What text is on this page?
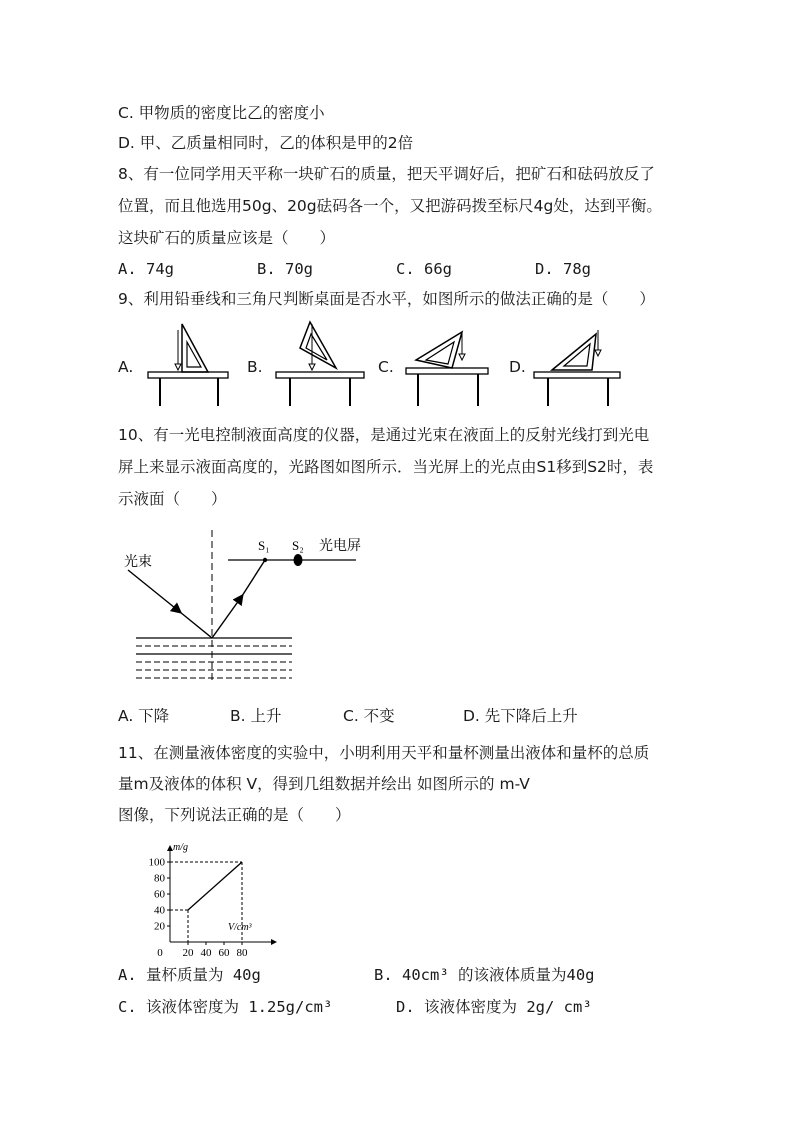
C. 甲物质的密度比乙的密度小
D. 甲、乙质量相同时，乙的体积是甲的2倍
8、有一位同学用天平称一块矿石的质量，把天平调好后，把矿石和砝码放反了
位置，而且他选用50g、20g砝码各一个，又把游码拨至标尺4g处，达到平衡。
这块矿石的质量应该是（　　）
A. 74g	B. 70g	C. 66g	D. 78g
9、利用铅垂线和三角尺判断桌面是否水平，如图所示的做法正确的是（　　）
A.	B.	C.	D.
10、有一光电控制液面高度的仪器，是通过光束在液面上的反射光线打到光电
屏上来显示液面高度的，光路图如图所示．当光屏上的光点由S1移到S2时，表
示液面（　　）
光束
S₁ S₂ 光电屏
A. 下降	B. 上升	C. 不变	D. 先下降后上升
11、在测量液体密度的实验中，小明利用天平和量杯测量出液体和量杯的总质
量m及液体的体积 V，得到几组数据并绘出 如图所示的 m-V
图像，下列说法正确的是（　　）
20
40
60
80
100
0 20 40 60 80
m/g
V/cm³
A. 量杯质量为 40g	B. 40cm³ 的该液体质量为40g
C. 该液体密度为 1.25g/cm³	D. 该液体密度为 2g/ cm³
